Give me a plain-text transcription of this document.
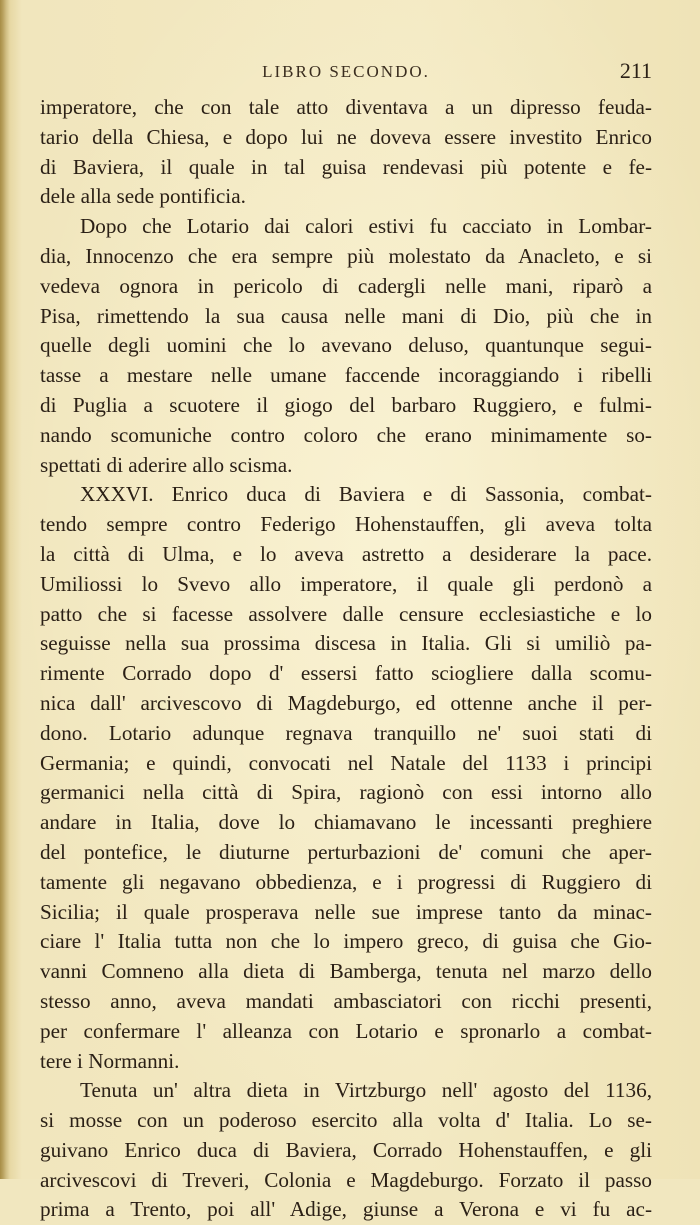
LIBRO SECONDO.	211
imperatore, che con tale atto diventava a un dipresso feuda-
tario della Chiesa, e dopo lui ne doveva essere investito Enrico
di Baviera, il quale in tal guisa rendevasi più potente e fe-
dele alla sede pontificia.
Dopo che Lotario dai calori estivi fu cacciato in Lombar-
dia, Innocenzo che era sempre più molestato da Anacleto, e si
vedeva ognora in pericolo di cadergli nelle mani, riparò a
Pisa, rimettendo la sua causa nelle mani di Dio, più che in
quelle degli uomini che lo avevano deluso, quantunque segui-
tasse a mestare nelle umane faccende incoraggiando i ribelli
di Puglia a scuotere il giogo del barbaro Ruggiero, e fulmi-
nando scomuniche contro coloro che erano minimamente so-
spettati di aderire allo scisma.
XXXVI. Enrico duca di Baviera e di Sassonia, combat-
tendo sempre contro Federigo Hohenstauffen, gli aveva tolta
la città di Ulma, e lo aveva astretto a desiderare la pace.
Umiliossi lo Svevo allo imperatore, il quale gli perdonò a
patto che si facesse assolvere dalle censure ecclesiastiche e lo
seguisse nella sua prossima discesa in Italia. Gli si umiliò pa-
rimente Corrado dopo d' essersi fatto sciogliere dalla scomu-
nica dall' arcivescovo di Magdeburgo, ed ottenne anche il per-
dono. Lotario adunque regnava tranquillo ne' suoi stati di
Germania; e quindi, convocati nel Natale del 1133 i principi
germanici nella città di Spira, ragionò con essi intorno allo
andare in Italia, dove lo chiamavano le incessanti preghiere
del pontefice, le diuturne perturbazioni de' comuni che aper-
tamente gli negavano obbedienza, e i progressi di Ruggiero di
Sicilia; il quale prosperava nelle sue imprese tanto da minac-
ciare l' Italia tutta non che lo impero greco, di guisa che Gio-
vanni Comneno alla dieta di Bamberga, tenuta nel marzo dello
stesso anno, aveva mandati ambasciatori con ricchi presenti,
per confermare l' alleanza con Lotario e spronarlo a combat-
tere i Normanni.
Tenuta un' altra dieta in Virtzburgo nell' agosto del 1136,
si mosse con un poderoso esercito alla volta d' Italia. Lo se-
guivano Enrico duca di Baviera, Corrado Hohenstauffen, e gli
arcivescovi di Treveri, Colonia e Magdeburgo. Forzato il passo
prima a Trento, poi all' Adige, giunse a Verona e vi fu ac-
